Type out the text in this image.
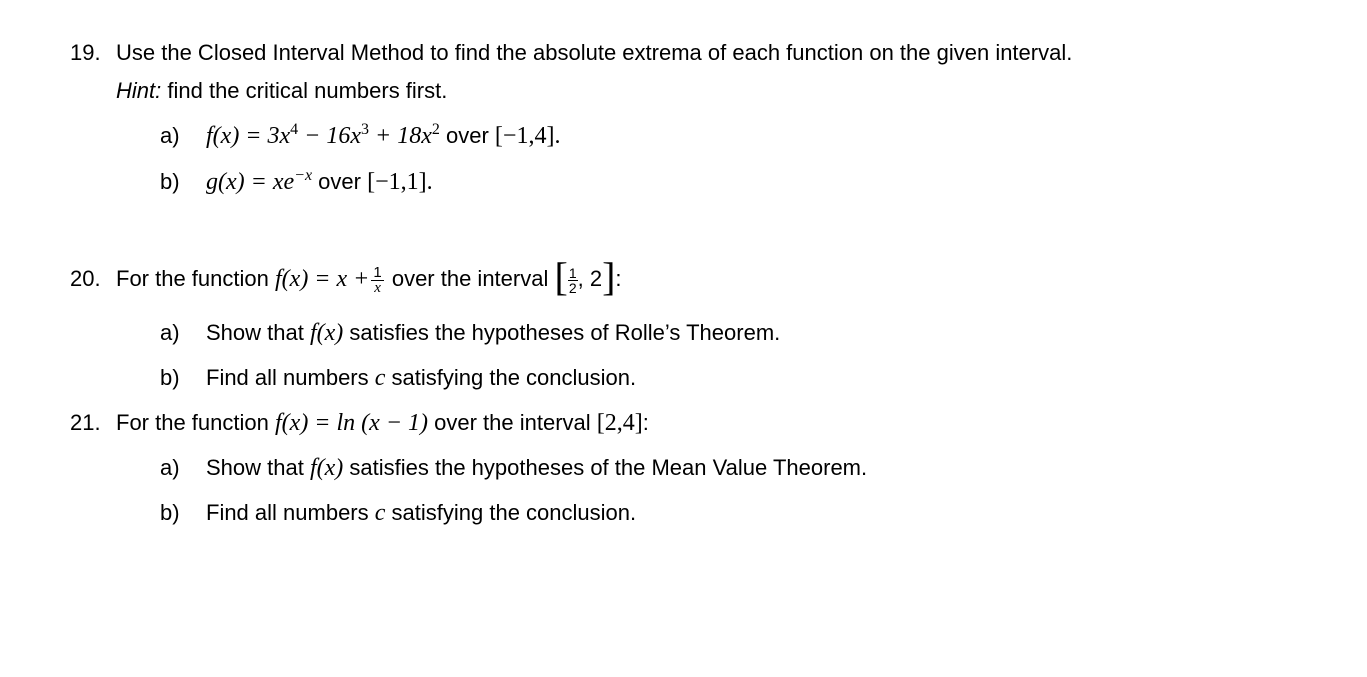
19. Use the Closed Interval Method to find the absolute extrema of each function on the given interval.
Hint: find the critical numbers first.
a) $f(x) = 3x^4 - 16x^3 + 18x^2$ over [−1,4].
b) $g(x) = xe^{-x}$ over [−1,1].
20. For the function $f(x) = x + \frac{1}{x}$ over the interval [ $\frac{1}{2}$ , 2]:
a) Show that f(x) satisfies the hypotheses of Rolle’s Theorem.
b) Find all numbers c satisfying the conclusion.
21. For the function f(x) = ln (x − 1) over the interval [2,4]:
a) Show that f(x) satisfies the hypotheses of the Mean Value Theorem.
b) Find all numbers c satisfying the conclusion.
